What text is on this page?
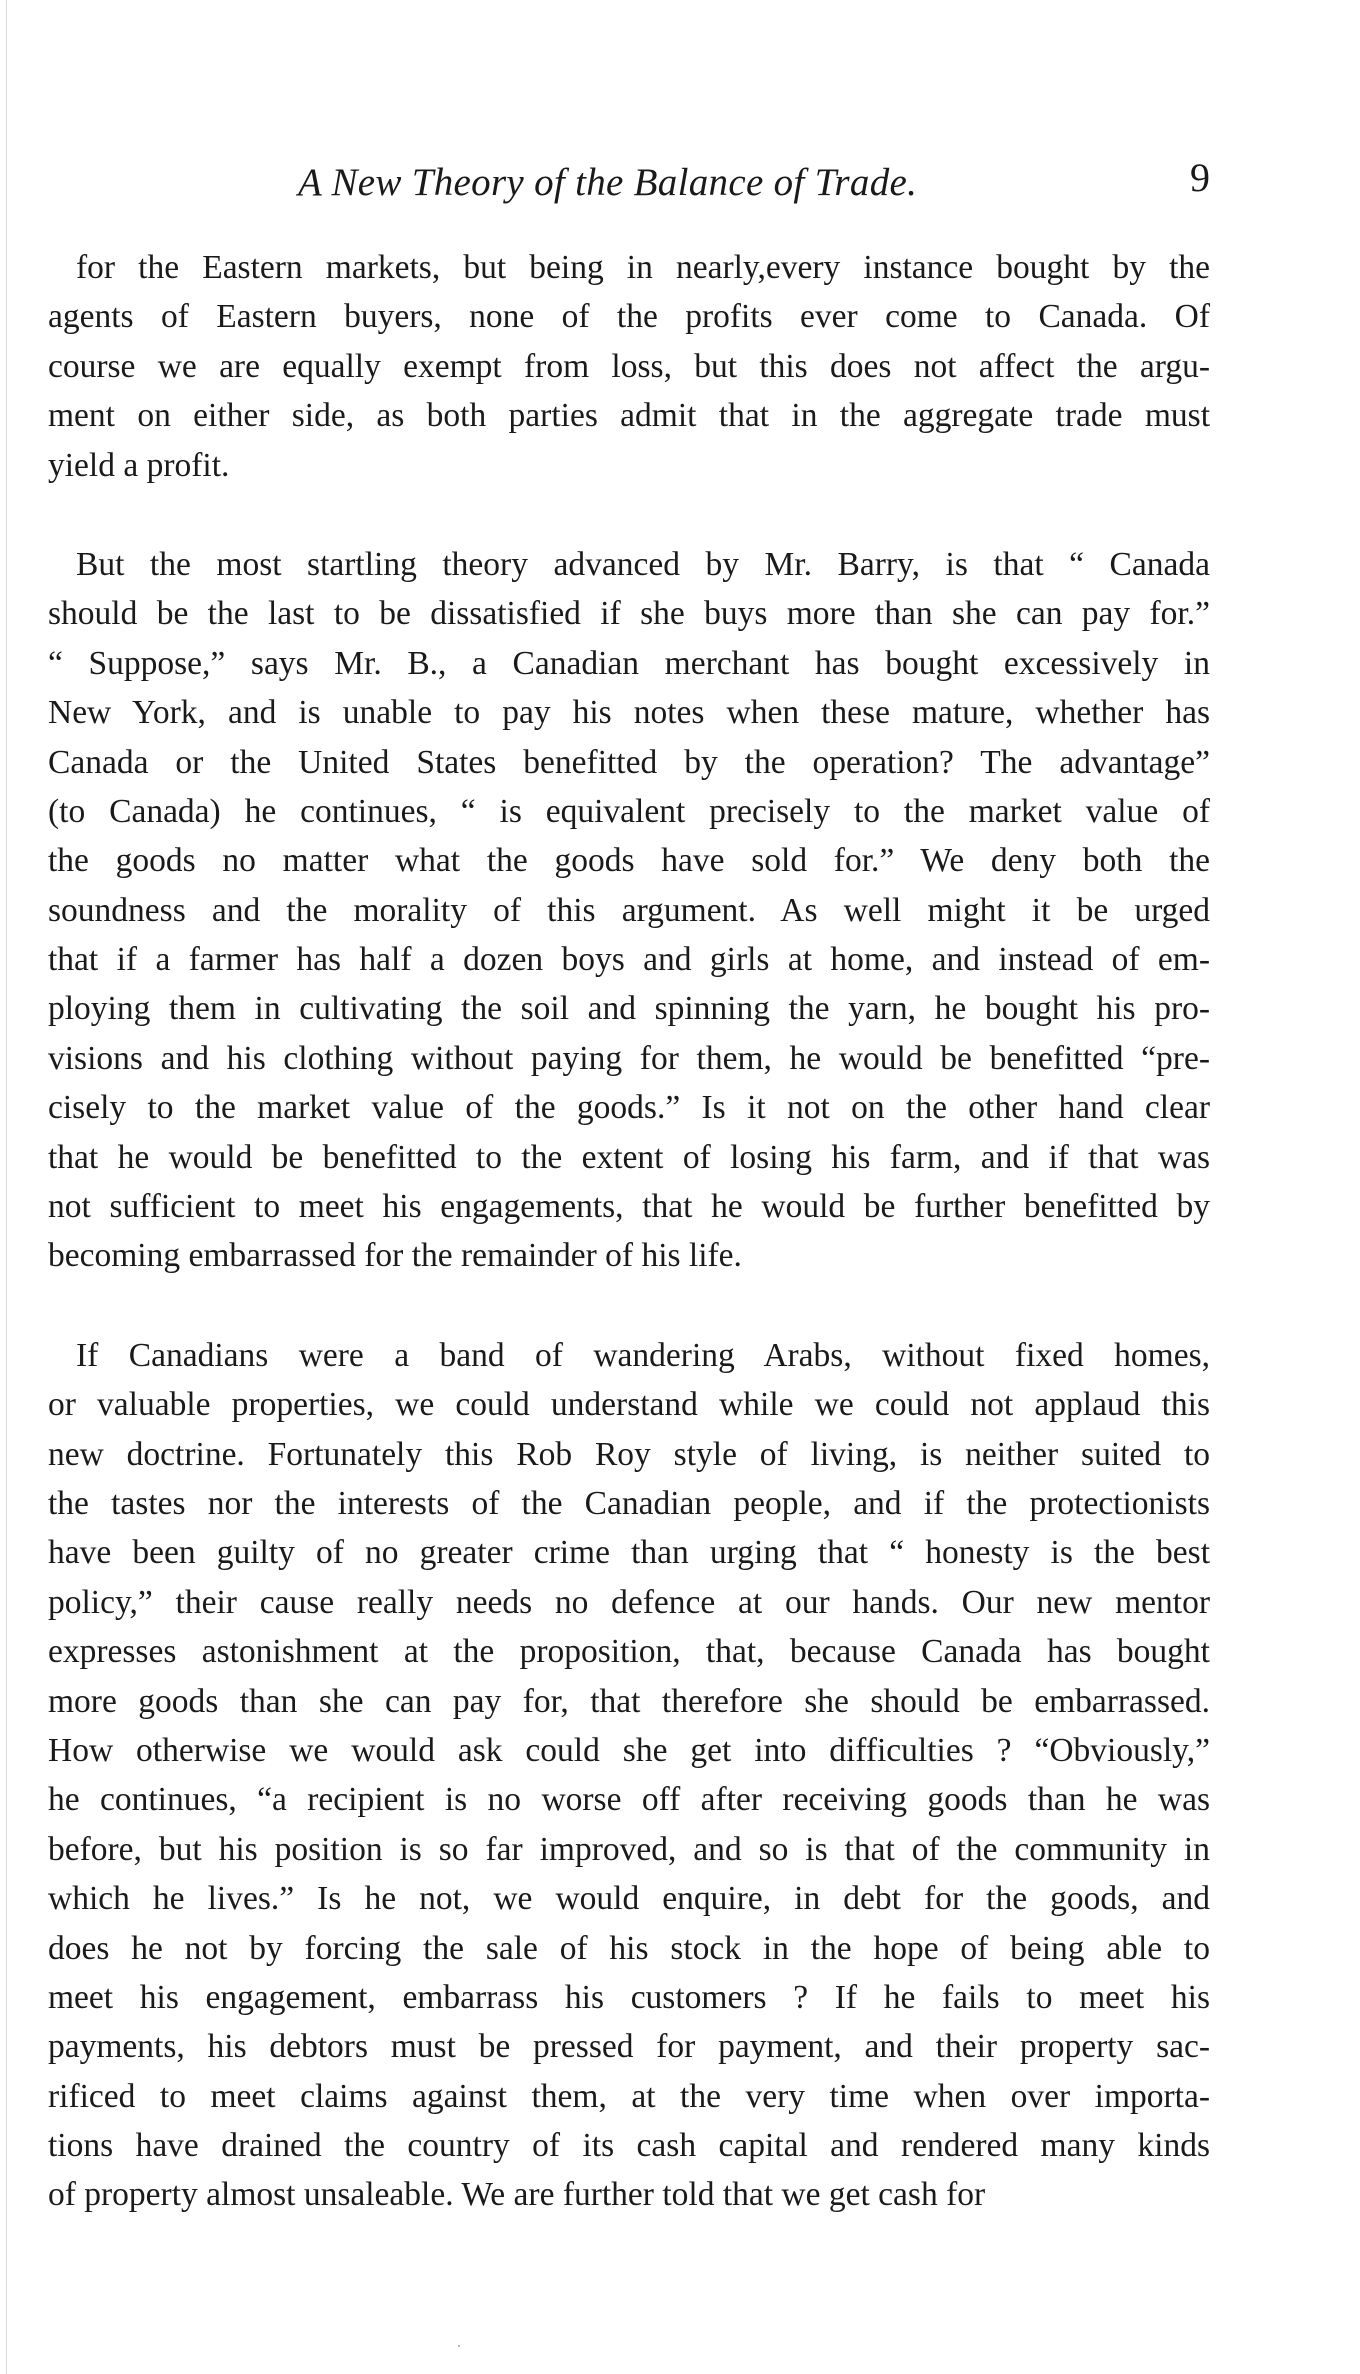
A New Theory of the Balance of Trade.	9
for the Eastern markets, but being in nearly,every instance bought by the
agents of Eastern buyers, none of the profits ever come to Canada. Of
course we are equally exempt from loss, but this does not affect the argu-
ment on either side, as both parties admit that in the aggregate trade must
yield a profit.
But the most startling theory advanced by Mr. Barry, is that “ Canada
should be the last to be dissatisfied if she buys more than she can pay for.”
“ Suppose,” says Mr. B., a Canadian merchant has bought excessively in
New York, and is unable to pay his notes when these mature, whether has
Canada or the United States benefitted by the operation? The advantage”
(to Canada) he continues, “ is equivalent precisely to the market value of
the goods no matter what the goods have sold for.” We deny both the
soundness and the morality of this argument. As well might it be urged
that if a farmer has half a dozen boys and girls at home, and instead of em-
ploying them in cultivating the soil and spinning the yarn, he bought his pro-
visions and his clothing without paying for them, he would be benefitted “pre-
cisely to the market value of the goods.” Is it not on the other hand clear
that he would be benefitted to the extent of losing his farm, and if that was
not sufficient to meet his engagements, that he would be further benefitted by
becoming embarrassed for the remainder of his life.
If Canadians were a band of wandering Arabs, without fixed homes,
or valuable properties, we could understand while we could not applaud this
new doctrine. Fortunately this Rob Roy style of living, is neither suited to
the tastes nor the interests of the Canadian people, and if the protectionists
have been guilty of no greater crime than urging that “ honesty is the best
policy,” their cause really needs no defence at our hands. Our new mentor
expresses astonishment at the proposition, that, because Canada has bought
more goods than she can pay for, that therefore she should be embarrassed.
How otherwise we would ask could she get into difficulties ? “Obviously,”
he continues, “a recipient is no worse off after receiving goods than he was
before, but his position is so far improved, and so is that of the community in
which he lives.” Is he not, we would enquire, in debt for the goods, and
does he not by forcing the sale of his stock in the hope of being able to
meet his engagement, embarrass his customers ? If he fails to meet his
payments, his debtors must be pressed for payment, and their property sac-
rificed to meet claims against them, at the very time when over importa-
tions have drained the country of its cash capital and rendered many kinds
of property almost unsaleable. We are further told that we get cash for
